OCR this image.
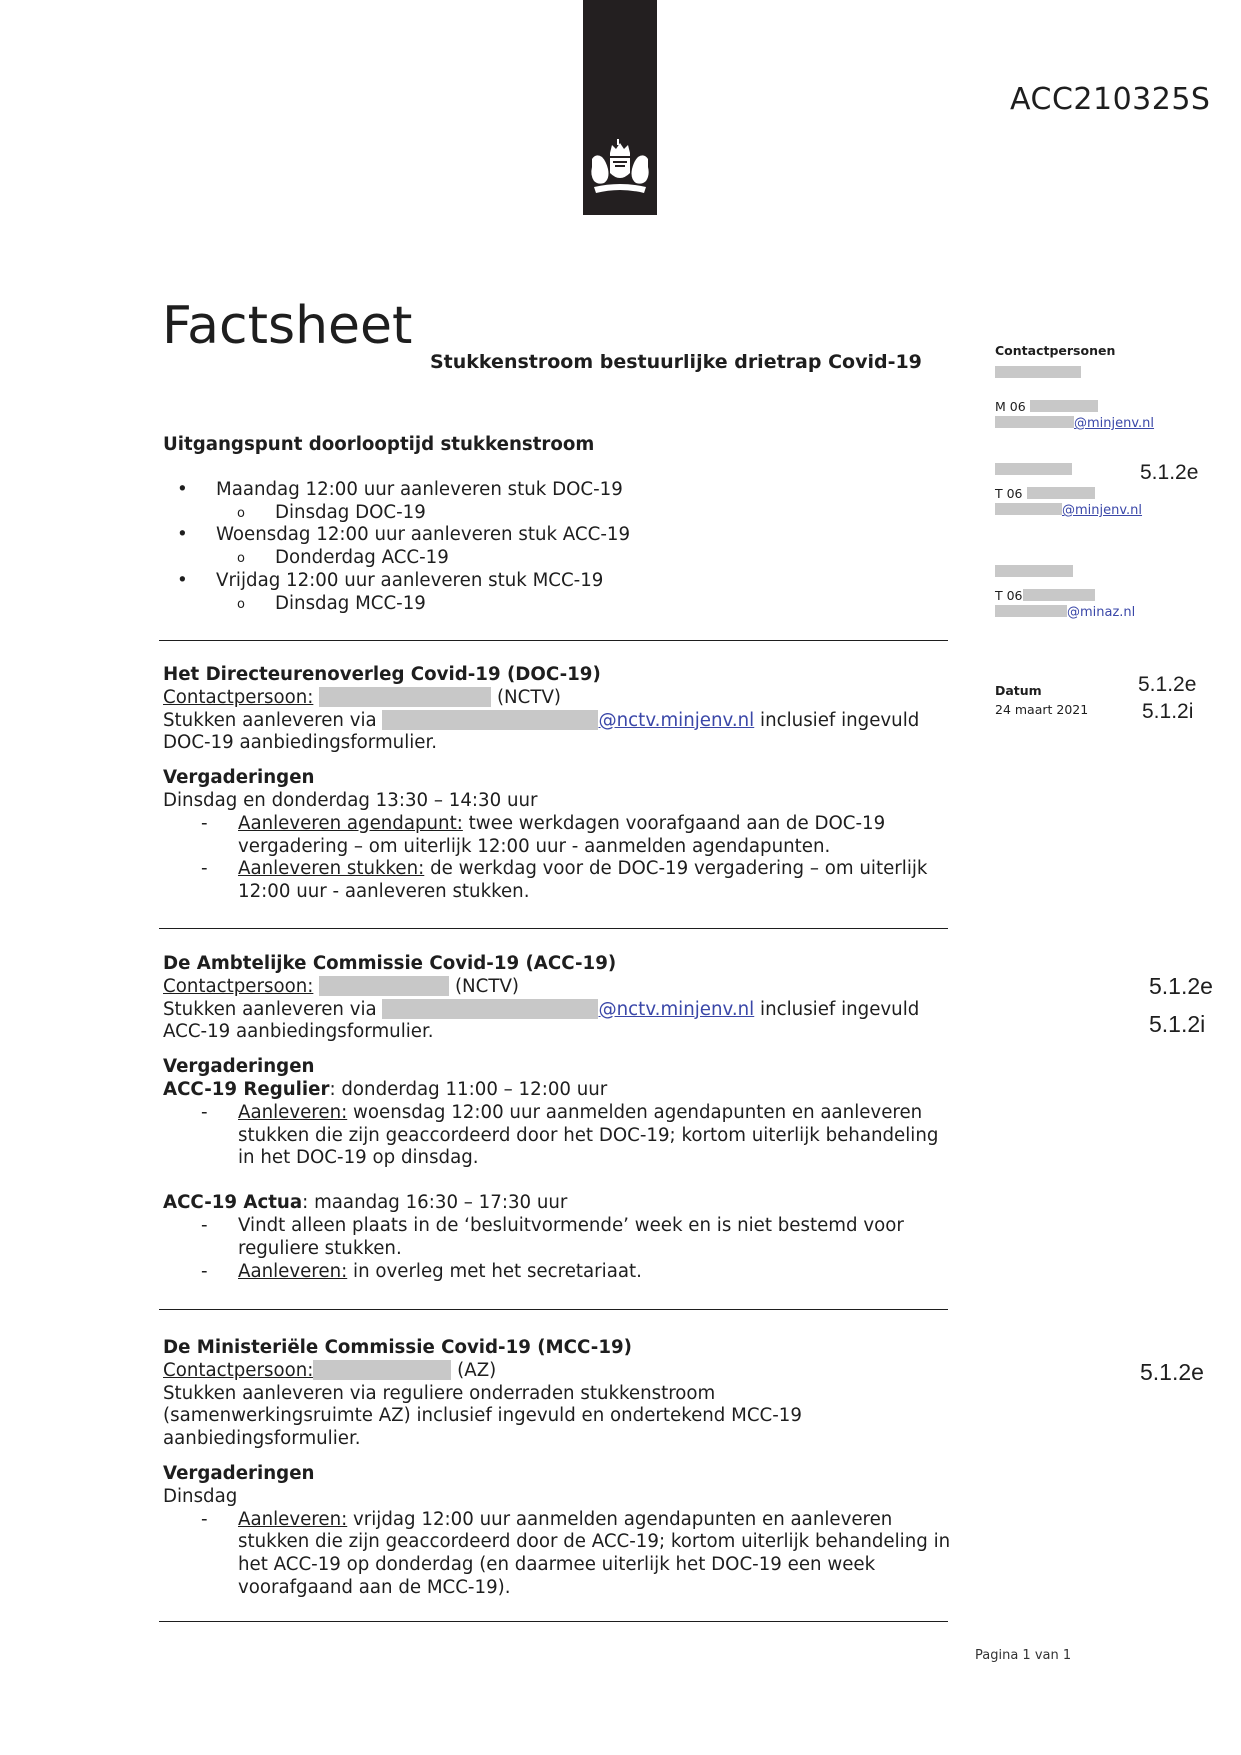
ACC210325S
Factsheet
Stukkenstroom bestuurlijke drietrap Covid-19
Uitgangspunt doorlooptijd stukkenstroom
• Maandag 12:00 uur aanleveren stuk DOC-19
o Dinsdag DOC-19
• Woensdag 12:00 uur aanleveren stuk ACC-19
o Donderdag ACC-19
• Vrijdag 12:00 uur aanleveren stuk MCC-19
o Dinsdag MCC-19
Het Directeurenoverleg Covid-19 (DOC-19)
Contactpersoon:	(NCTV)
Stukken aanleveren via	@nctv.minjenv.nl inclusief ingevuld
DOC-19 aanbiedingsformulier.
Vergaderingen
Dinsdag en donderdag 13:30 – 14:30 uur
- Aanleveren agendapunt: twee werkdagen voorafgaand aan de DOC-19 vergadering – om uiterlijk 12:00 uur - aanmelden agendapunten.
- Aanleveren stukken: de werkdag voor de DOC-19 vergadering – om uiterlijk 12:00 uur - aanleveren stukken.
De Ambtelijke Commissie Covid-19 (ACC-19)
Contactpersoon:	(NCTV)
Stukken aanleveren via	@nctv.minjenv.nl inclusief ingevuld
ACC-19 aanbiedingsformulier.
Vergaderingen
ACC-19 Regulier: donderdag 11:00 – 12:00 uur
- Aanleveren: woensdag 12:00 uur aanmelden agendapunten en aanleveren stukken die zijn geaccordeerd door het DOC-19; kortom uiterlijk behandeling in het DOC-19 op dinsdag.
ACC-19 Actua: maandag 16:30 – 17:30 uur
- Vindt alleen plaats in de ‘besluitvormende’ week en is niet bestemd voor reguliere stukken.
- Aanleveren: in overleg met het secretariaat.
De Ministeriële Commissie Covid-19 (MCC-19)
Contactpersoon:	(AZ)
Stukken aanleveren via reguliere onderraden stukkenstroom (samenwerkingsruimte AZ) inclusief ingevuld en ondertekend MCC-19 aanbiedingsformulier.
Vergaderingen
Dinsdag
- Aanleveren: vrijdag 12:00 uur aanmelden agendapunten en aanleveren stukken die zijn geaccordeerd door de ACC-19; kortom uiterlijk behandeling in het ACC-19 op donderdag (en daarmee uiterlijk het DOC-19 een week voorafgaand aan de MCC-19).
Contactpersonen
M 06
@minjenv.nl
T 06
@minjenv.nl
T 06
@minaz.nl
Datum
24 maart 2021
5.1.2e
5.1.2e
5.1.2i
5.1.2e
5.1.2i
5.1.2e
Pagina 1 van 1
